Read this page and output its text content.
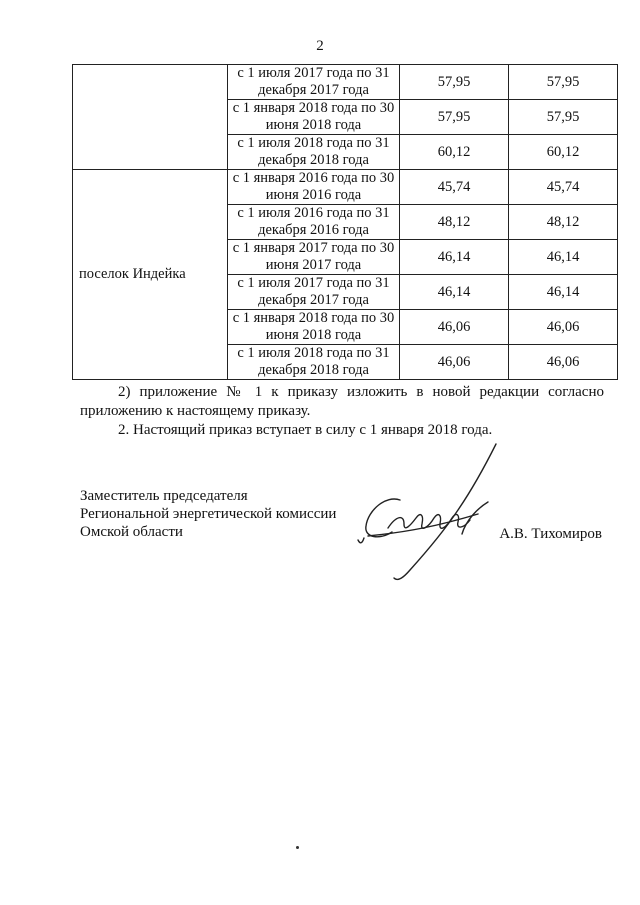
2
	с 1 июля 2017 года по 31 декабря 2017 года	57,95	57,95
	с 1 января 2018 года по 30 июня 2018 года	57,95	57,95
	с 1 июля 2018 года по 31 декабря 2018 года	60,12	60,12
поселок Индейка	с 1 января 2016 года по 30 июня 2016 года	45,74	45,74
	с 1 июля 2016 года по 31 декабря 2016 года	48,12	48,12
	с 1 января 2017 года по 30 июня 2017 года	46,14	46,14
	с 1 июля 2017 года по 31 декабря 2017 года	46,14	46,14
	с 1 января 2018 года по 30 июня 2018 года	46,06	46,06
	с 1 июля 2018 года по 31 декабря 2018 года	46,06	46,06
2) приложение № 1 к приказу изложить в новой редакции согласно приложению к настоящему приказу.
2. Настоящий приказ вступает в силу с 1 января 2018 года.
Заместитель председателя
Региональной энергетической комиссии
Омской области	А.В. Тихомиров
